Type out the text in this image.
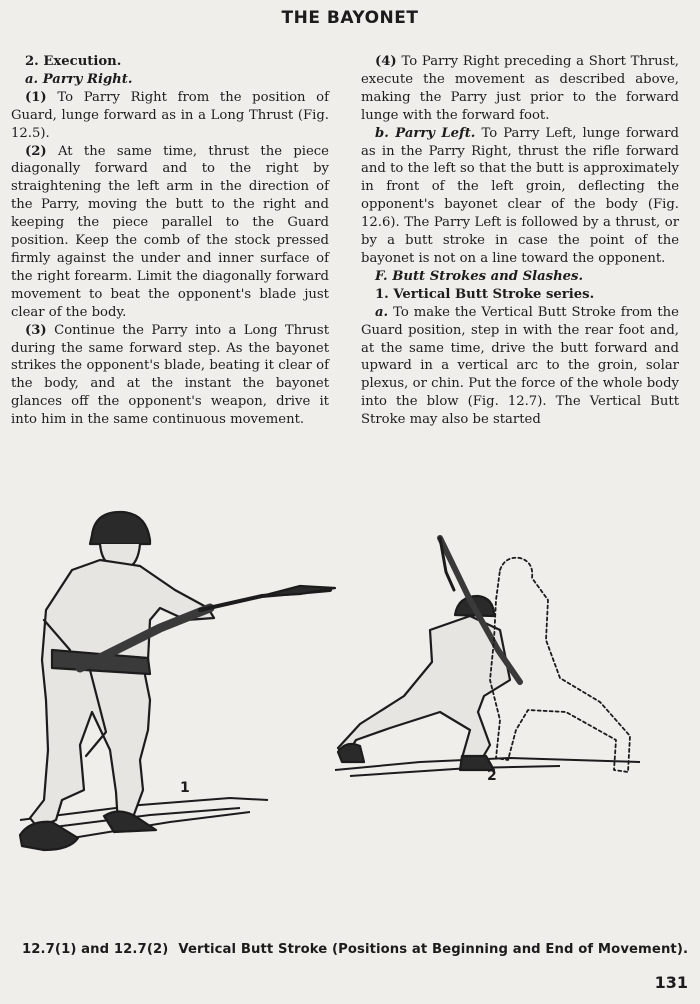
THE BAYONET

2. Execution.

a. Parry Right.

(1) To Parry Right from the position of Guard, lunge forward as in a Long Thrust (Fig. 12.5).

(2) At the same time, thrust the piece diagonally forward and to the right by straightening the left arm in the direction of the Parry, moving the butt to the right and keeping the piece parallel to the Guard position. Keep the comb of the stock pressed firmly against the under and inner surface of the right forearm. Limit the diagonally forward movement to beat the opponent's blade just clear of the body.

(3) Continue the Parry into a Long Thrust during the same forward step. As the bayonet strikes the opponent's blade, beating it clear of the body, and at the instant the bayonet glances off the opponent's weapon, drive it into him in the same continuous movement.

(4) To Parry Right preceding a Short Thrust, execute the movement as described above, making the Parry just prior to the forward lunge with the forward foot.

b. Parry Left. To Parry Left, lunge forward as in the Parry Right, thrust the rifle forward and to the left so that the butt is approximately in front of the left groin, deflecting the opponent's bayonet clear of the body (Fig. 12.6). The Parry Left is followed by a thrust, or by a butt stroke in case the point of the bayonet is not on a line toward the opponent.

F. Butt Strokes and Slashes.

1. Vertical Butt Stroke series.

a. To make the Vertical Butt Stroke from the Guard position, step in with the rear foot and, at the same time, drive the butt forward and upward in a vertical arc to the groin, solar plexus, or chin. Put the force of the whole body into the blow (Fig. 12.7). The Vertical Butt Stroke may also be started

1
2
12.7(1) and 12.7(2) Vertical Butt Stroke (Positions at Beginning and End of Movement).
131
